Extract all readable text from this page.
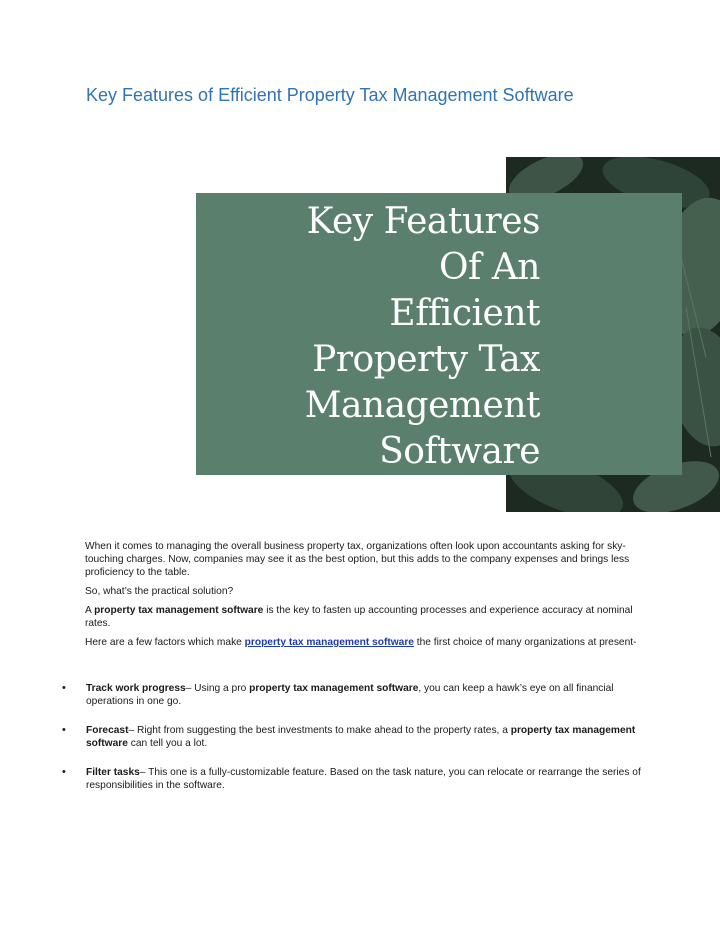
Key Features of Efficient Property Tax Management Software
Key Features
Of An
Efficient
Property Tax
Management
Software

When it comes to managing the overall business property tax, organizations often look upon accountants asking for sky-touching charges. Now, companies may see it as the best option, but this adds to the company expenses and brings less proficiency to the table.

So, what’s the practical solution?

A property tax management software is the key to fasten up accounting processes and experience accuracy at nominal rates.

Here are a few factors which make property tax management software the first choice of many organizations at present-

• Track work progress– Using a pro property tax management software, you can keep a hawk’s eye on all financial operations in one go.
• Forecast– Right from suggesting the best investments to make ahead to the property rates, a property tax management software can tell you a lot.
• Filter tasks– This one is a fully-customizable feature. Based on the task nature, you can relocate or rearrange the series of responsibilities in the software.
